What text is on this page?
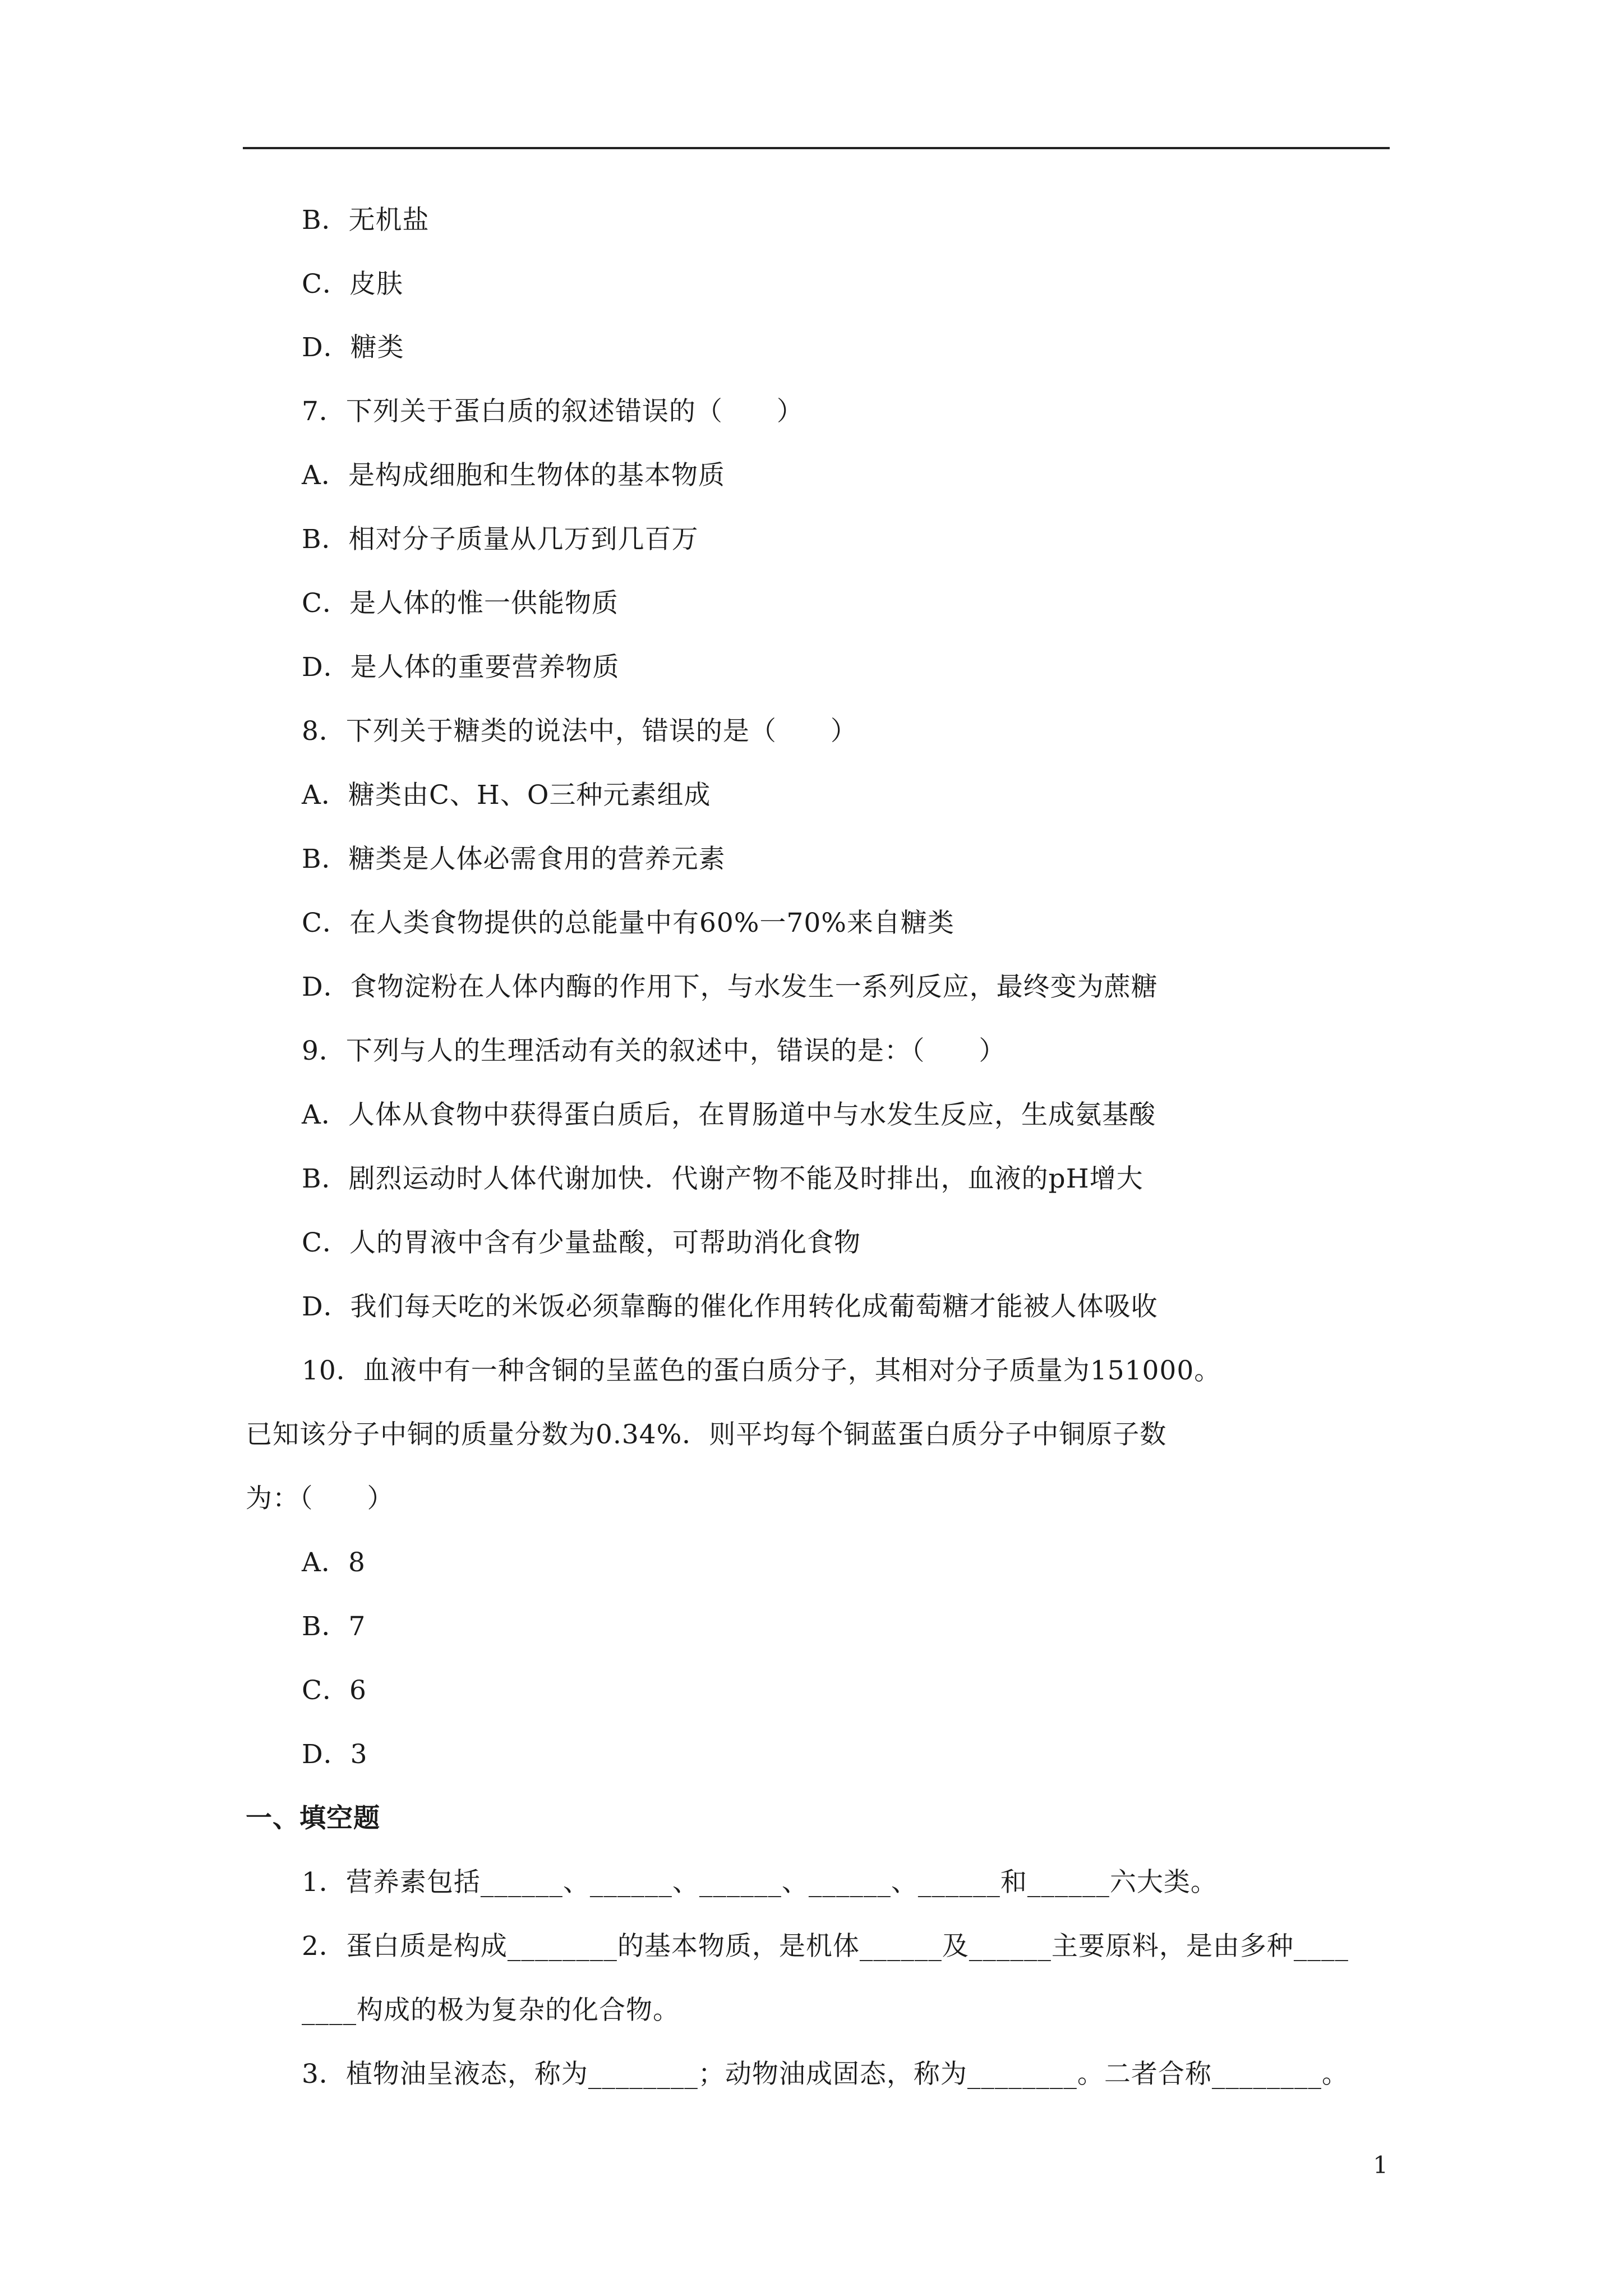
B．无机盐
C．皮肤
D．糖类
7．下列关于蛋白质的叙述错误的（　　）
A．是构成细胞和生物体的基本物质
B．相对分子质量从几万到几百万
C．是人体的惟一供能物质
D．是人体的重要营养物质
8．下列关于糖类的说法中，错误的是（　　）
A．糖类由C、H、O三种元素组成
B．糖类是人体必需食用的营养元素
C．在人类食物提供的总能量中有60%一70%来自糖类
D．食物淀粉在人体内酶的作用下，与水发生一系列反应，最终变为蔗糖
9．下列与人的生理活动有关的叙述中，错误的是：（　　）
A．人体从食物中获得蛋白质后，在胃肠道中与水发生反应，生成氨基酸
B．剧烈运动时人体代谢加快．代谢产物不能及时排出，血液的pH增大
C．人的胃液中含有少量盐酸，可帮助消化食物
D．我们每天吃的米饭必须靠酶的催化作用转化成葡萄糖才能被人体吸收
10．血液中有一种含铜的呈蓝色的蛋白质分子，其相对分子质量为151000。
已知该分子中铜的质量分数为0.34%．则平均每个铜蓝蛋白质分子中铜原子数
为：（　　）
A．8
B．7
C．6
D．3
一、填空题
1．营养素包括______、______、______、______、______和______六大类。
2．蛋白质是构成________的基本物质，是机体______及______主要原料，是由多种____
____构成的极为复杂的化合物。
3．植物油呈液态，称为________；动物油成固态，称为________。二者合称________。
1
